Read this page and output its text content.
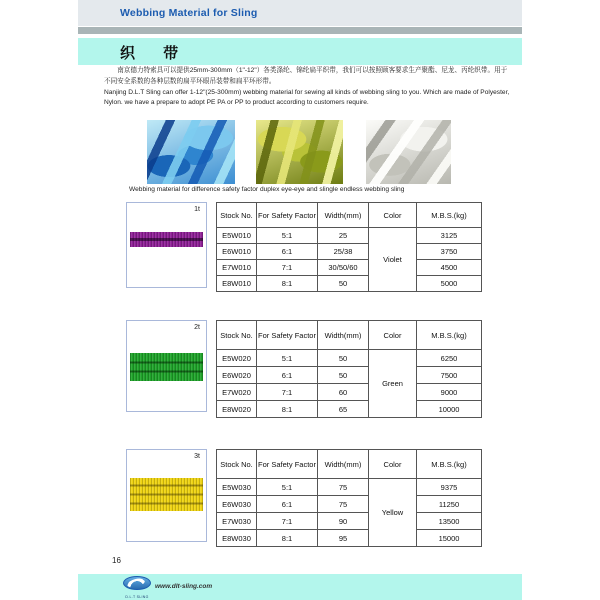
Webbing Material for Sling
织 带

南京德力特索具可以提供25mm-300mm（1"-12"）各类涤纶、锦纶扁平织带，我们可以按照顾客要求生产聚酯、尼龙、丙纶织带。用于不同安全系数的各种层数的扁平环眼吊装带和扁平环形带。

Nanjing D.L.T Sling can offer 1-12"(25-300mm) webbing material for sewing all kinds of webbing sling to you. Which are made of Polyester, Nylon. we have a prepare to adopt PE PA or PP to product according to customers require.

Webbing material for difference safety factor duplex eye-eye and slingle endless webbing sling
1t
Stock No.	For Safety Factor	Width(mm)	Color	M.B.S.(kg)
E5W010	5:1	25	Violet	3125
E6W010	6:1	25/38		3750
E7W010	7:1	30/50/60		4500
E8W010	8:1	50		5000
2t
Stock No.	For Safety Factor	Width(mm)	Color	M.B.S.(kg)
E5W020	5:1	50	Green	6250
E6W020	6:1	50		7500
E7W020	7:1	60		9000
E8W020	8:1	65		10000
3t
Stock No.	For Safety Factor	Width(mm)	Color	M.B.S.(kg)
E5W030	5:1	75	Yellow	9375
E6W030	6:1	75		11250
E7W030	7:1	90		13500
E8W030	8:1	95		15000
16
D.L.T SLING
www.dlt-sling.com
